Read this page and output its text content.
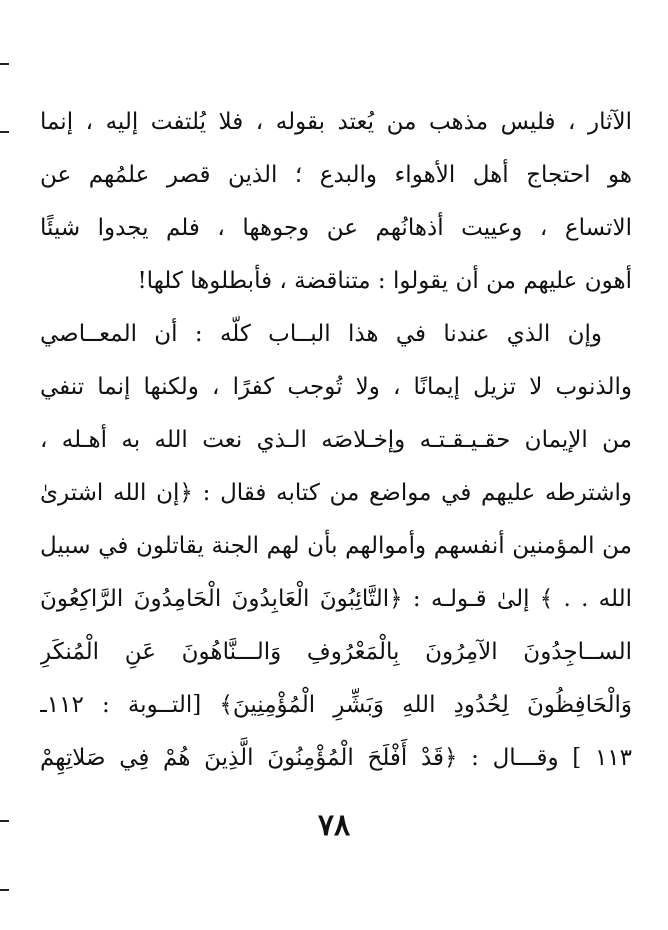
الآثار ، فليس مذهب من يُعتد بقوله ، فلا يُلتفت إليه ، إنما
هو احتجاج أهل الأهواء والبدع ؛ الذين قصر علمُهم عن
الاتساع ، وعييت أذهانُهم عن وجوهها ، فلم يجدوا شيئًا
أهون عليهم من أن يقولوا : متناقضة ، فأبطلوها كلها!
وإن الذي عندنا في هذا البــاب كلّه : أن المعــاصي
والذنوب لا تزيل إيمانًا ، ولا تُوجب كفرًا ، ولكنها إنما تنفي
من الإيمان حقـيـقـتـه وإخـلاصَه الـذي نعت الله به أهـله ،
واشترطه عليهم في مواضع من كتابه فقال : ﴿إن الله اشترىٰ
من المؤمنين أنفسهم وأموالهم بأن لهم الجنة يقاتلون في سبيل
الله . . ﴾ إلىٰ قـولـه : ﴿التَّائِبُونَ الْعَابِدُونَ الْحَامِدُونَ الرَّاكِعُونَ
الســاجِدُونَ الآمِرُونَ بِالْمَعْرُوفِ وَالـــنَّاهُونَ عَنِ الْمُنكَرِ
وَالْحَافِظُونَ لِحُدُودِ اللهِ وَبَشِّرِ الْمُؤْمِنِينَ﴾ [التــوبة : ١١٢ـ
١١٣ ] وقـــال : ﴿قَدْ أَفْلَحَ الْمُؤْمِنُونَ الَّذِينَ هُمْ فِي صَلاتِهِمْ
٧٨
